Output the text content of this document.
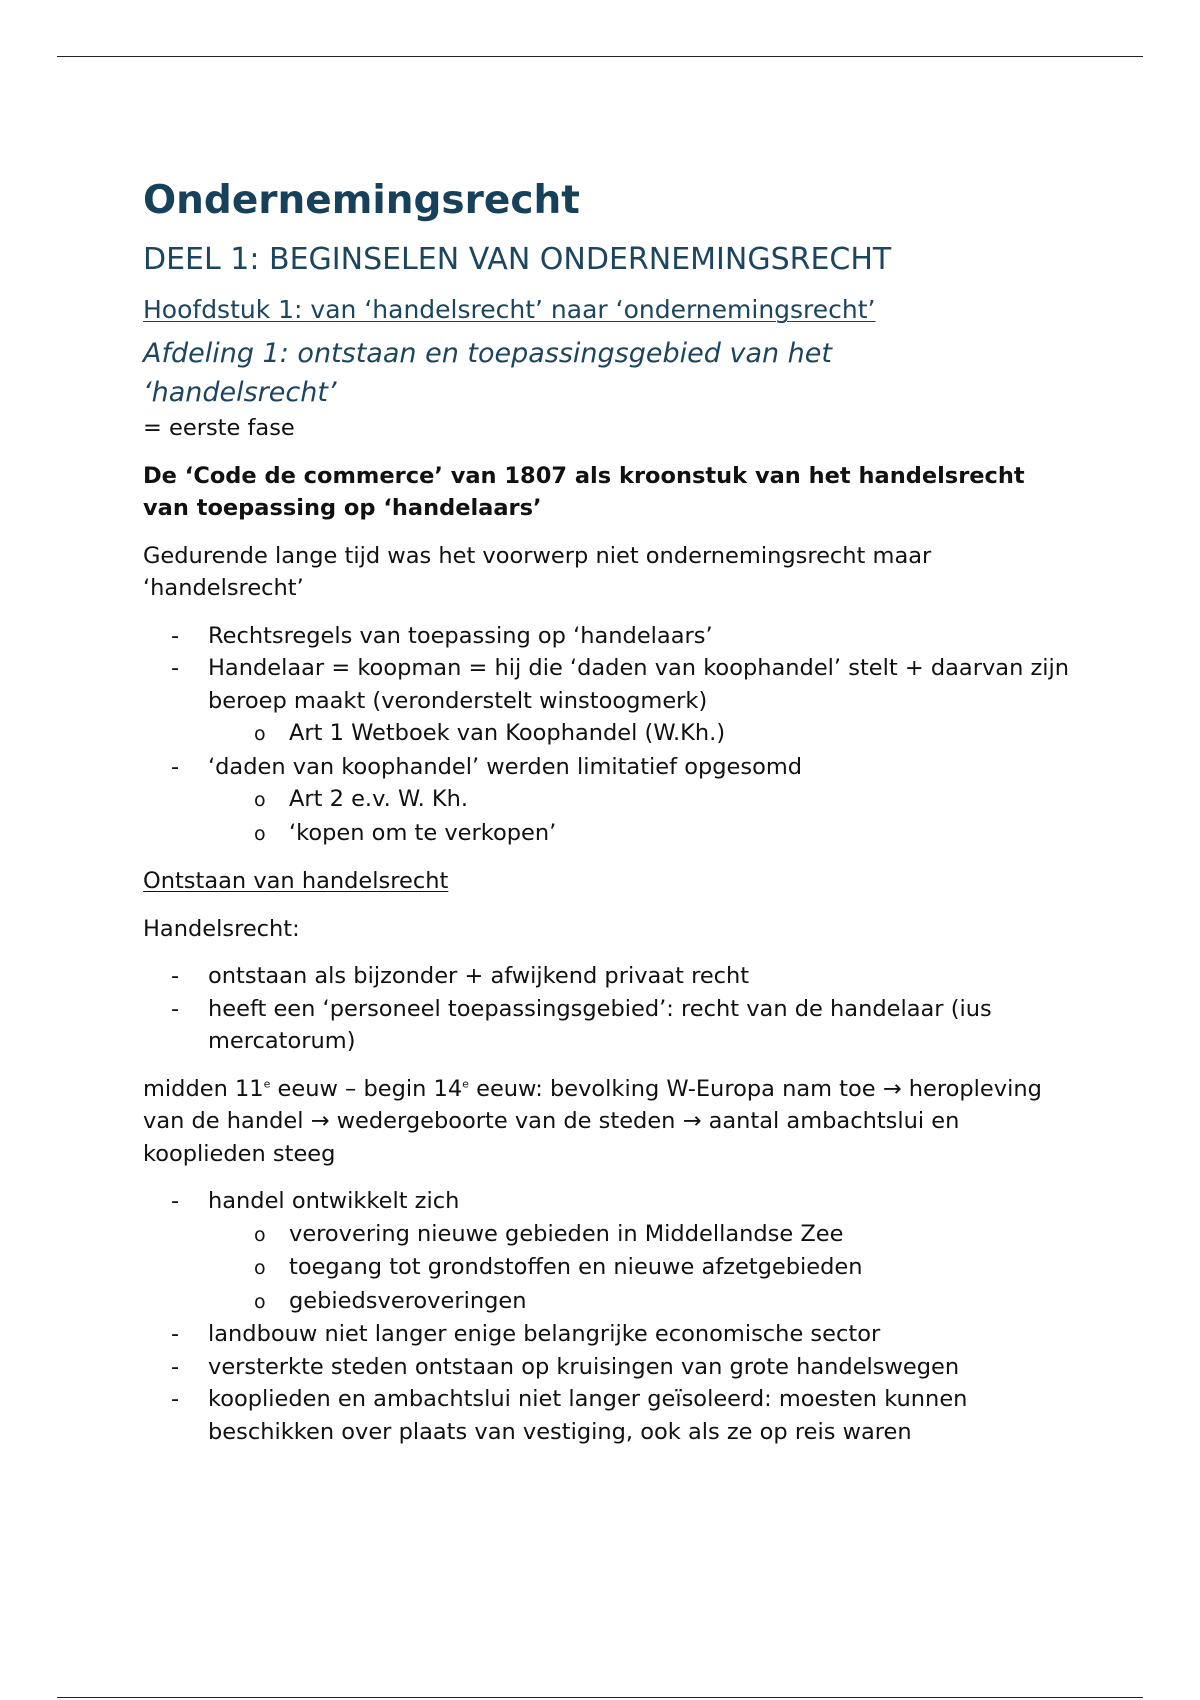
Ondernemingsrecht
DEEL 1: BEGINSELEN VAN ONDERNEMINGSRECHT
Hoofdstuk 1: van ‘handelsrecht’ naar ‘ondernemingsrecht’
Afdeling 1: ontstaan en toepassingsgebied van het
‘handelsrecht’

= eerste fase

De ‘Code de commerce’ van 1807 als kroonstuk van het handelsrecht van toepassing op ‘handelaars’

Gedurende lange tijd was het voorwerp niet ondernemingsrecht maar ‘handelsrecht’

- Rechtsregels van toepassing op ‘handelaars’
- Handelaar = koopman = hij die ‘daden van koophandel’ stelt + daarvan zijn beroep maakt (veronderstelt winstoogmerk)
o Art 1 Wetboek van Koophandel (W.Kh.)
- ‘daden van koophandel’ werden limitatief opgesomd
o Art 2 e.v. W. Kh.
o ‘kopen om te verkopen’

Ontstaan van handelsrecht

Handelsrecht:

- ontstaan als bijzonder + afwijkend privaat recht
- heeft een ‘personeel toepassingsgebied’: recht van de handelaar (ius mercatorum)

midden 11e eeuw – begin 14e eeuw: bevolking W-Europa nam toe → heropleving van de handel → wedergeboorte van de steden → aantal ambachtslui en kooplieden steeg

- handel ontwikkelt zich
o verovering nieuwe gebieden in Middellandse Zee
o toegang tot grondstoffen en nieuwe afzetgebieden
o gebiedsveroveringen
- landbouw niet langer enige belangrijke economische sector
- versterkte steden ontstaan op kruisingen van grote handelswegen
- kooplieden en ambachtslui niet langer geïsoleerd: moesten kunnen beschikken over plaats van vestiging, ook als ze op reis waren
